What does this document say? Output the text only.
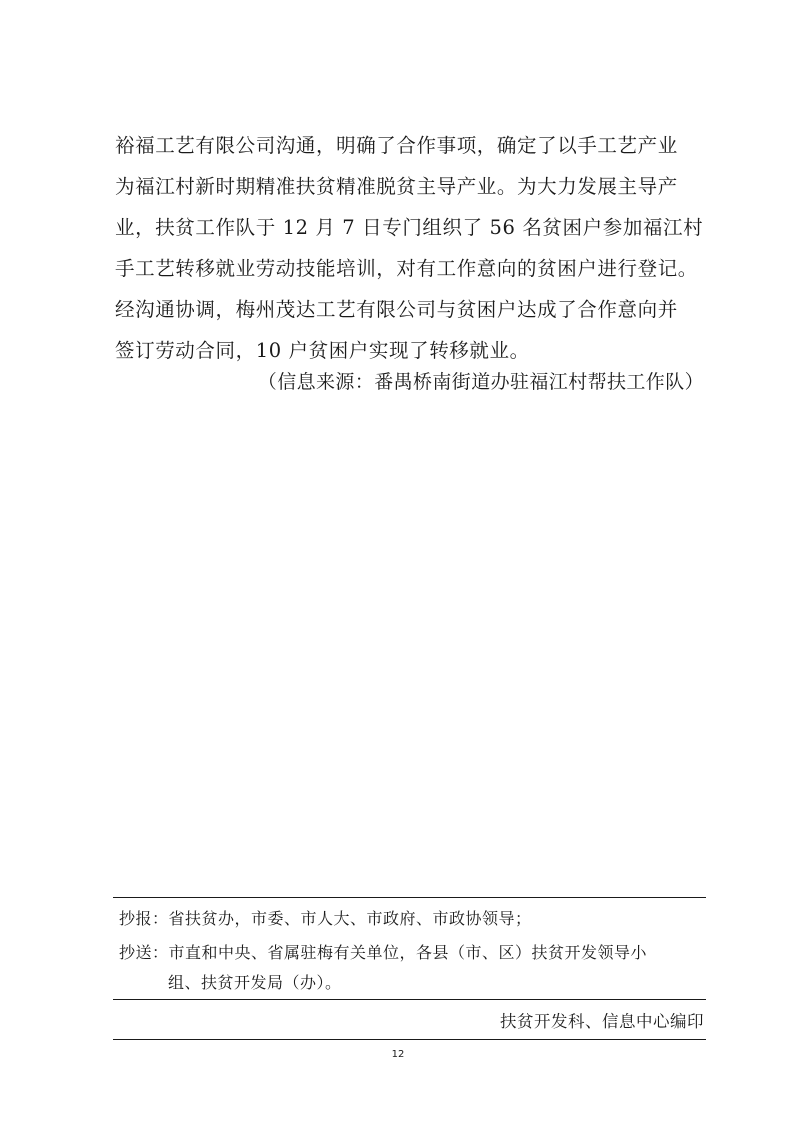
裕福工艺有限公司沟通，明确了合作事项，确定了以手工艺产业
为福江村新时期精准扶贫精准脱贫主导产业。为大力发展主导产
业，扶贫工作队于 12 月 7 日专门组织了 56 名贫困户参加福江村
手工艺转移就业劳动技能培训，对有工作意向的贫困户进行登记。
经沟通协调，梅州茂达工艺有限公司与贫困户达成了合作意向并
签订劳动合同，10 户贫困户实现了转移就业。
（信息来源：番禺桥南街道办驻福江村帮扶工作队）
抄报：省扶贫办，市委、市人大、市政府、市政协领导；
抄送：市直和中央、省属驻梅有关单位，各县（市、区）扶贫开发领导小
组、扶贫开发局（办）。
扶贫开发科、信息中心编印
12
